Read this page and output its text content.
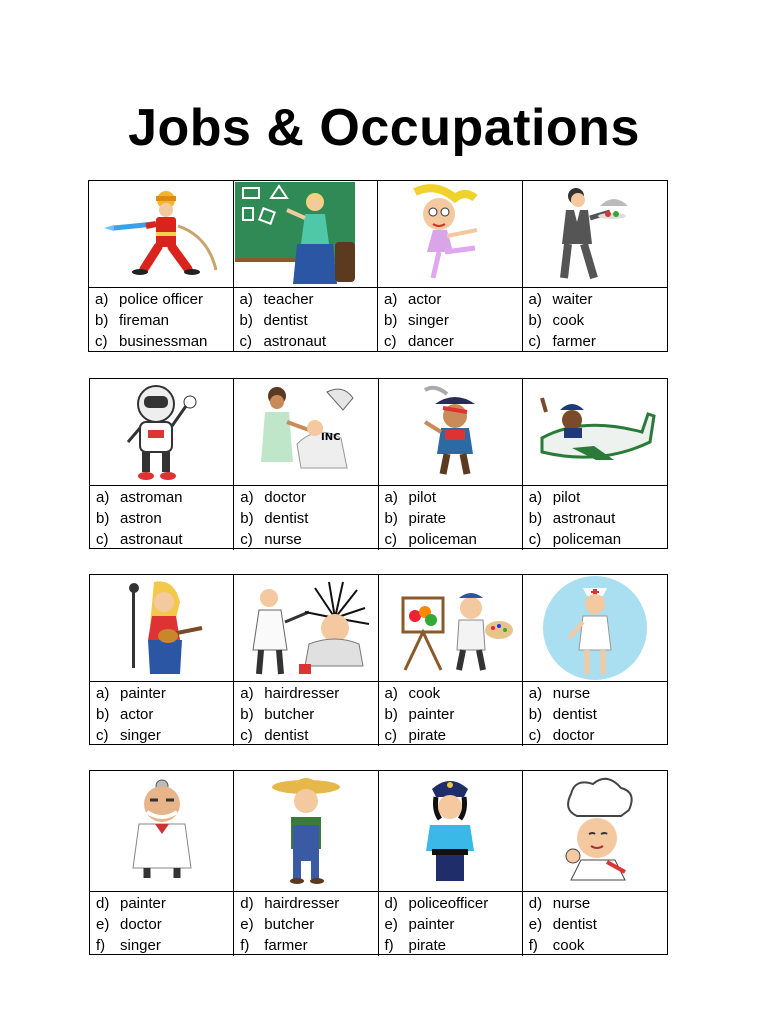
Jobs & Occupations
a) police officer
b) fireman
c) businessman
a) teacher
b) dentist
c) astronaut
a) actor
b) singer
c) dancer
a) waiter
b) cook
c) farmer
a) astroman
b) astron
c) astronaut
INC
a) doctor
b) dentist
c) nurse
a) pilot
b) pirate
c) policeman
a) pilot
b) astronaut
c) policeman
a) painter
b) actor
c) singer
a) hairdresser
b) butcher
c) dentist
a) cook
b) painter
c) pirate
a) nurse
b) dentist
c) doctor
d) painter
e) doctor
f) singer
d) hairdresser
e) butcher
f) farmer
d) policeofficer
e) painter
f) pirate
d) nurse
e) dentist
f) cook
